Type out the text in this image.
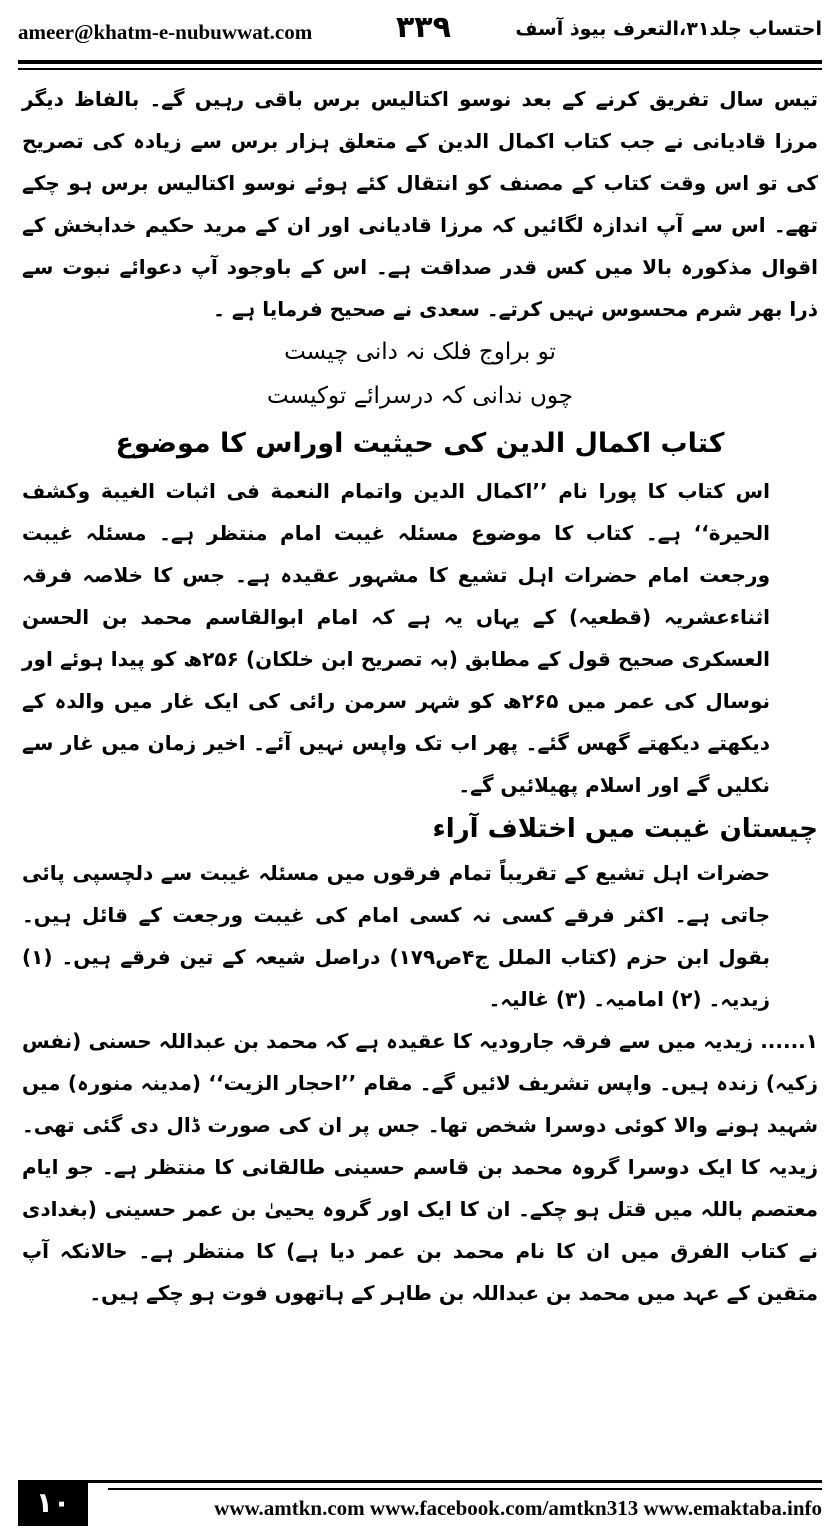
ameer@khatm-e-nubuwwat.com	۳۳۹	احتساب جلد۳۱،التعرف بیوذ آسف

تیس سال تفریق کرنے کے بعد نوسو اکتالیس برس باقی رہیں گے۔ بالفاظ دیگر مرزا قادیانی نے جب کتاب اکمال الدین کے متعلق ہزار برس سے زیادہ کی تصریح کی تو اس وقت کتاب کے مصنف کو انتقال کئے ہوئے نوسو اکتالیس برس ہو چکے تھے۔ اس سے آپ اندازہ لگائیں کہ مرزا قادیانی اور ان کے مرید حکیم خدابخش کے اقوال مذکورہ بالا میں کس قدر صداقت ہے۔ اس کے باوجود آپ دعوائے نبوت سے ذرا بھر شرم محسوس نہیں کرتے۔ سعدی نے صحیح فرمایا ہے ۔

تو براوج فلک نہ دانی چیست

چوں ندانی کہ درسرائے توکیست

کتاب اکمال الدین کی حیثیت اوراس کا موضوع

اس کتاب کا پورا نام ’’اکمال الدین واتمام النعمة فی اثبات الغیبة وکشف الحیرة‘‘ ہے۔ کتاب کا موضوع مسئلہ غیبت امام منتظر ہے۔ مسئلہ غیبت ورجعت امام حضرات اہل تشیع کا مشہور عقیدہ ہے۔ جس کا خلاصہ فرقہ اثناءعشریہ (قطعیہ) کے یہاں یہ ہے کہ امام ابوالقاسم محمد بن الحسن العسکری صحیح قول کے مطابق (بہ تصریح ابن خلکان) ۲۵۶ھ کو پیدا ہوئے اور نوسال کی عمر میں ۲۶۵ھ کو شہر سرمن رائی کی ایک غار میں والدہ کے دیکھتے دیکھتے گھس گئے۔ پھر اب تک واپس نہیں آئے۔ اخیر زمان میں غار سے نکلیں گے اور اسلام پھیلائیں گے۔

چیستان غیبت میں اختلاف آراء

حضرات اہل تشیع کے تقریباً تمام فرقوں میں مسئلہ غیبت سے دلچسپی پائی جاتی ہے۔ اکثر فرقے کسی نہ کسی امام کی غیبت ورجعت کے قائل ہیں۔ بقول ابن حزم (کتاب الملل ج۴ص۱۷۹) دراصل شیعہ کے تین فرقے ہیں۔ (۱) زیدیہ۔ (۲) امامیہ۔ (۳) غالیہ۔

۱...... زیدیہ میں سے فرقہ جارودیہ کا عقیدہ ہے کہ محمد بن عبداللہ حسنی (نفس زکیہ) زندہ ہیں۔ واپس تشریف لائیں گے۔ مقام ’’احجار الزیت‘‘ (مدینہ منورہ) میں شہید ہونے والا کوئی دوسرا شخص تھا۔ جس پر ان کی صورت ڈال دی گئی تھی۔ زیدیہ کا ایک دوسرا گروہ محمد بن قاسم حسینی طالقانی کا منتظر ہے۔ جو ایام معتصم باللہ میں قتل ہو چکے۔ ان کا ایک اور گروہ یحییٰ بن عمر حسینی (بغدادی نے کتاب الفرق میں ان کا نام محمد بن عمر دیا ہے) کا منتظر ہے۔ حالانکہ آپ متقین کے عہد میں محمد بن عبداللہ بن طاہر کے ہاتھوں فوت ہو چکے ہیں۔

۱۰	www.amtkn.com www.facebook.com/amtkn313 www.emaktaba.info
